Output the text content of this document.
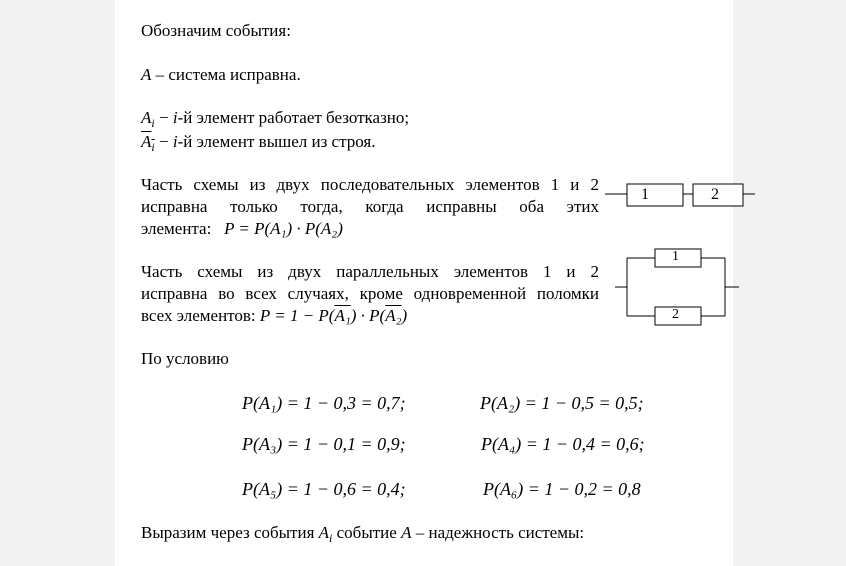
Обозначим события:
A – система исправна.
$A_i - i-й$ элемент работает безотказно;
$A_i - i-й$ элемент вышел из строя.
Часть схемы из двух последовательных элементов 1 и 2
исправна только тогда, когда исправны оба этих
элемента: P = P(A₁) · P(A₂)
1	2
Часть схемы из двух параллельных элементов 1 и 2
исправна во всех случаях, кроме одновременной поломки
всех элементов: P = 1 − P(A₁) · P(A₂)
1
2
По условию
P(A₁) = 1 − 0,3 = 0,7;	P(A₂) = 1 − 0,5 = 0,5;
P(A₃) = 1 − 0,1 = 0,9;	P(A₄) = 1 − 0,4 = 0,6;
P(A₅) = 1 − 0,6 = 0,4;	P(A₆) = 1 − 0,2 = 0,8
Выразим через события $A_i$ событие A – надежность системы:
